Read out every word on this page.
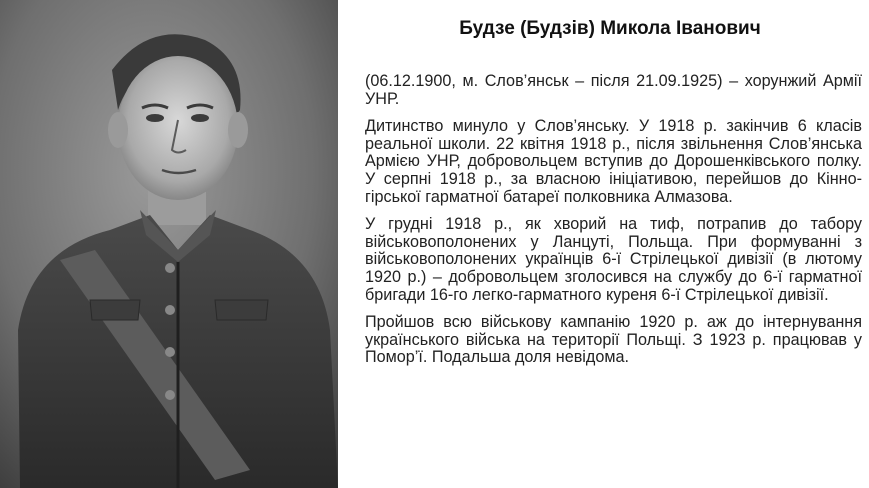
Будзе (Будзів) Микола Іванович

(06.12.1900, м. Слов’янськ – після 21.09.1925) – хорунжий Армії УНР.

Дитинство минуло у Слов’янську. У 1918 р. закінчив 6 класів реальної школи. 22 квітня 1918 р., після звільнення Слов’янська Армією УНР, добровольцем вступив до Дорошенківського полку. У серпні 1918 р., за власною ініціативою, перейшов до Кінно-гірської гарматної батареї полковника Алмазова.

У грудні 1918 р., як хворий на тиф, потрапив до табору військовополонених у Ланцуті, Польща. При формуванні з військовополонених українців 6-ї Стрілецької дивізії (в лютому 1920 р.) – добровольцем зголосився на службу до 6-ї гарматної бригади 16-го легко-гарматного куреня 6-ї Стрілецької дивізії.

Пройшов всю військову кампанію 1920 р. аж до інтернування українського війська на території Польщі. З 1923 р. працював у Помор’ї. Подальша доля невідома.
